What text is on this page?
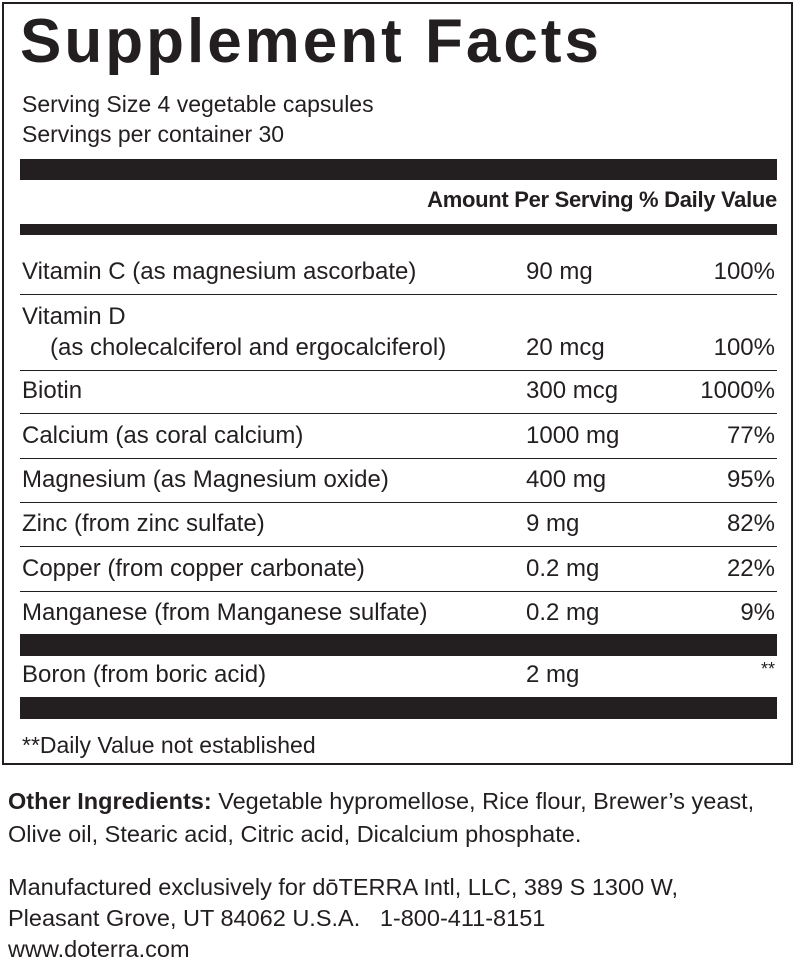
Supplement Facts
Serving Size 4 vegetable capsules
Servings per container 30
Amount Per Serving % Daily Value
Vitamin C (as magnesium ascorbate)	90 mg	100%
Vitamin D
(as cholecalciferol and ergocalciferol)	20 mcg	100%
Biotin	300 mcg	1000%
Calcium (as coral calcium)	1000 mg	77%
Magnesium (as Magnesium oxide)	400 mg	95%
Zinc (from zinc sulfate)	9 mg	82%
Copper (from copper carbonate)	0.2 mg	22%
Manganese (from Manganese sulfate)	0.2 mg	9%
Boron (from boric acid)	2 mg	**
**Daily Value not established
Other Ingredients: Vegetable hypromellose, Rice flour, Brewer’s yeast, Olive oil, Stearic acid, Citric acid, Dicalcium phosphate.
Manufactured exclusively for dōTERRA Intl, LLC, 389 S 1300 W,
Pleasant Grove, UT 84062 U.S.A.   1-800-411-8151
www.doterra.com
